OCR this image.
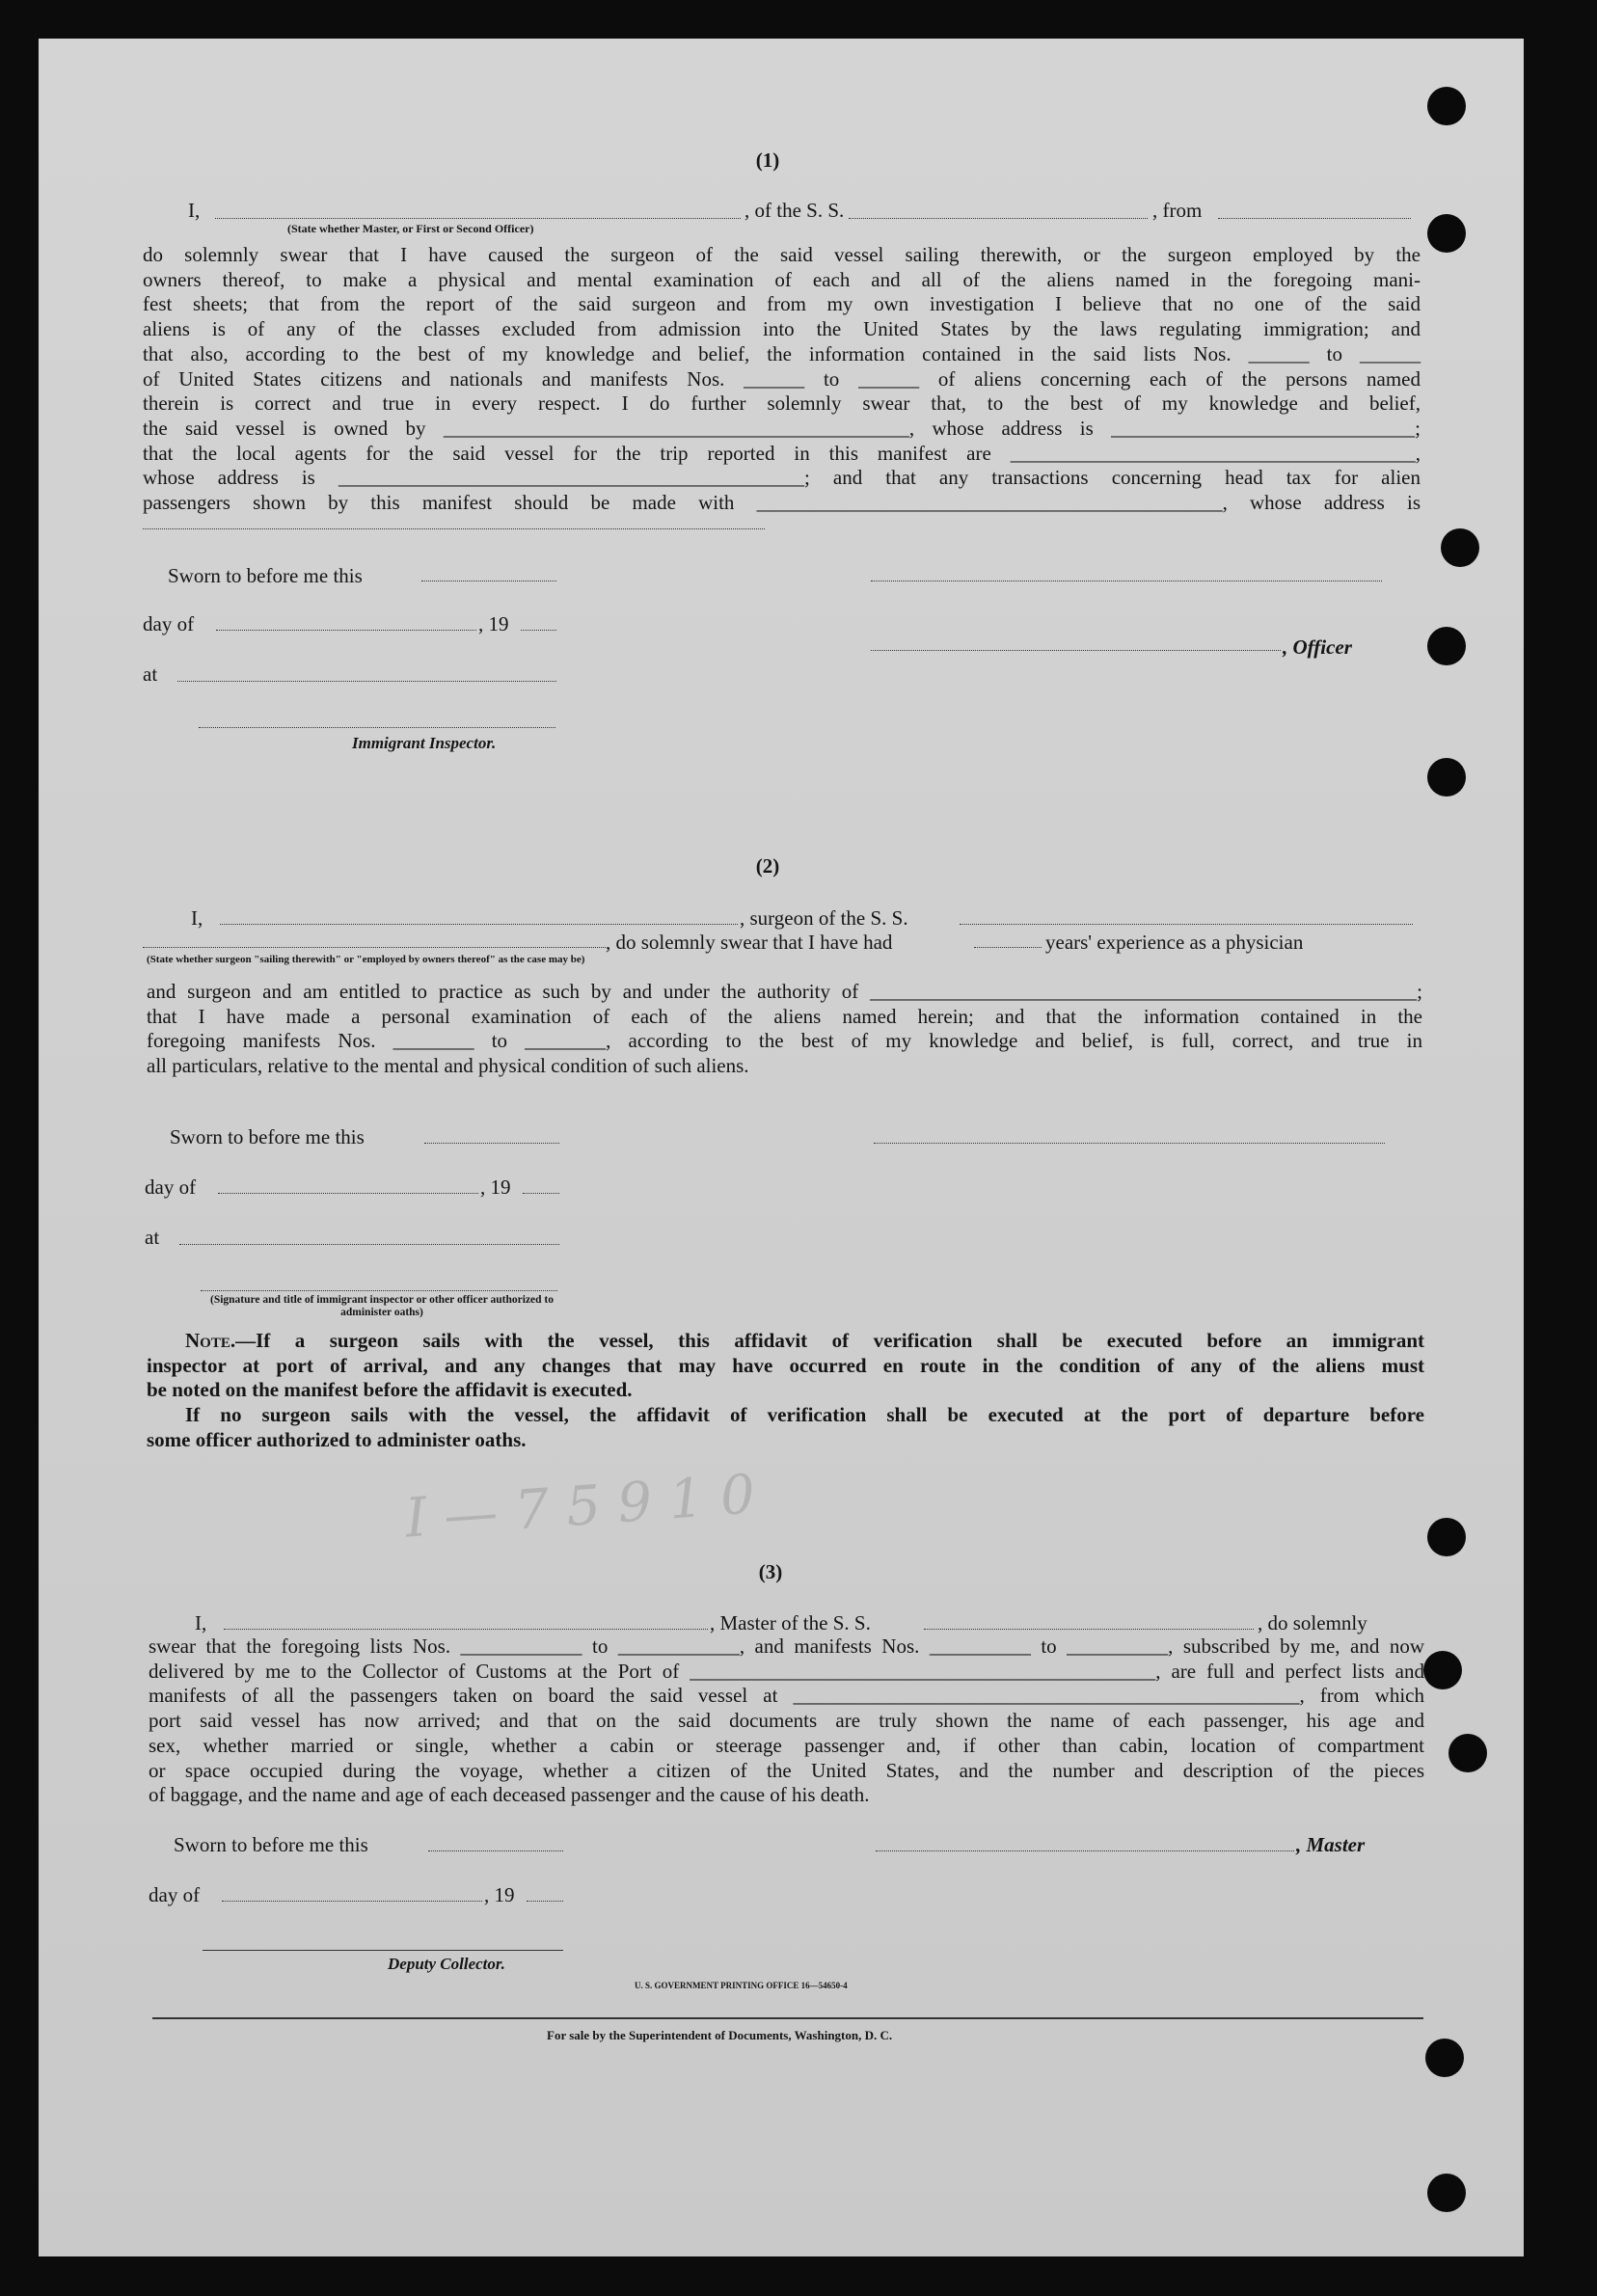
I — 7 5 9 1 0
(1)
I,	, of the S. S.	, from
(State whether Master, or First or Second Officer)
do solemnly swear that I have caused the surgeon of the said vessel sailing therewith, or the surgeon employed by the
owners thereof, to make a physical and mental examination of each and all of the aliens named in the foregoing mani-
fest sheets; that from the report of the said surgeon and from my own investigation I believe that no one of the said
aliens is of any of the classes excluded from admission into the United States by the laws regulating immigration; and
that also, according to the best of my knowledge and belief, the information contained in the said lists Nos. ______ to ______
of United States citizens and nationals and manifests Nos. ______ to ______ of aliens concerning each of the persons named
therein is correct and true in every respect. I do further solemnly swear that, to the best of my knowledge and belief,
the said vessel is owned by ______________________________________________, whose address is ______________________________;
that the local agents for the said vessel for the trip reported in this manifest are ________________________________________,
whose address is ______________________________________________; and that any transactions concerning head tax for alien
passengers shown by this manifest should be made with ______________________________________________, whose address is
Sworn to before me this
day of	, 19
, Officer
at
Immigrant Inspector.
(2)
I,	, surgeon of the S. S.
, do solemnly swear that I have had	years' experience as a physician
(State whether surgeon "sailing therewith" or "employed by owners thereof" as the case may be)
and surgeon and am entitled to practice as such by and under the authority of ______________________________________________________;
that I have made a personal examination of each of the aliens named herein; and that the information contained in the
foregoing manifests Nos. ________ to ________, according to the best of my knowledge and belief, is full, correct, and true in
all particulars, relative to the mental and physical condition of such aliens.
Sworn to before me this
day of	, 19
at
(Signature and title of immigrant inspector or other officer authorized to administer oaths)
Note.—If a surgeon sails with the vessel, this affidavit of verification shall be executed before an immigrant
inspector at port of arrival, and any changes that may have occurred en route in the condition of any of the aliens must
be noted on the manifest before the affidavit is executed.
If no surgeon sails with the vessel, the affidavit of verification shall be executed at the port of departure before
some officer authorized to administer oaths.
(3)
I,	, Master of the S. S.	, do solemnly
swear that the foregoing lists Nos. ____________ to ____________, and manifests Nos. __________ to __________, subscribed by me, and now
delivered by me to the Collector of Customs at the Port of ______________________________________________, are full and perfect lists and
manifests of all the passengers taken on board the said vessel at __________________________________________________, from which
port said vessel has now arrived; and that on the said documents are truly shown the name of each passenger, his age and
sex, whether married or single, whether a cabin or steerage passenger and, if other than cabin, location of compartment
or space occupied during the voyage, whether a citizen of the United States, and the number and description of the pieces
of baggage, and the name and age of each deceased passenger and the cause of his death.
Sworn to before me this	, Master
day of	, 19
Deputy Collector.
U. S. GOVERNMENT PRINTING OFFICE 16—54650-4
For sale by the Superintendent of Documents, Washington, D. C.
